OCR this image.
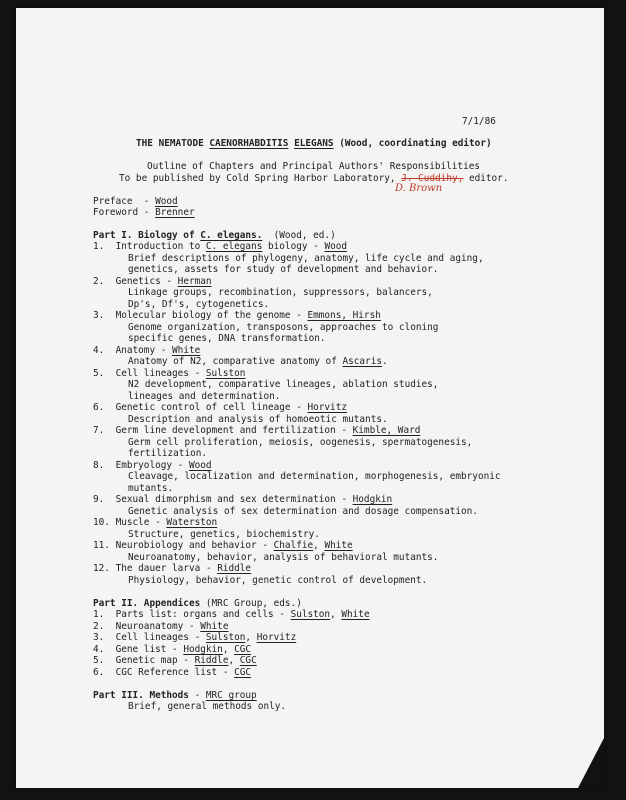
7/1/86
THE NEMATODE CAENORHABDITIS ELEGANS (Wood, coordinating editor)
Outline of Chapters and Principal Authors' Responsibilities
To be published by Cold Spring Harbor Laboratory, J. Cuddihy, editor.
D. Brown
Preface  - Wood
Foreword - Brenner
Part I. Biology of C. elegans.  (Wood, ed.)
1.  Introduction to C. elegans biology - Wood
Brief descriptions of phylogeny, anatomy, life cycle and aging,
genetics, assets for study of development and behavior.
2.  Genetics - Herman
Linkage groups, recombination, suppressors, balancers,
Dp's, Df's, cytogenetics.
3.  Molecular biology of the genome - Emmons, Hirsh
Genome organization, transposons, approaches to cloning
specific genes, DNA transformation.
4.  Anatomy - White
Anatomy of N2, comparative anatomy of Ascaris.
5.  Cell lineages - Sulston
N2 development, comparative lineages, ablation studies,
lineages and determination.
6.  Genetic control of cell lineage - Horvitz
Description and analysis of homoeotic mutants.
7.  Germ line development and fertilization - Kimble, Ward
Germ cell proliferation, meiosis, oogenesis, spermatogenesis,
fertilization.
8.  Embryology - Wood
Cleavage, localization and determination, morphogenesis, embryonic
mutants.
9.  Sexual dimorphism and sex determination - Hodgkin
Genetic analysis of sex determination and dosage compensation.
10. Muscle - Waterston
Structure, genetics, biochemistry.
11. Neurobiology and behavior - Chalfie, White
Neuroanatomy, behavior, analysis of behavioral mutants.
12. The dauer larva - Riddle
Physiology, behavior, genetic control of development.
Part II. Appendices (MRC Group, eds.)
1.  Parts list: organs and cells - Sulston, White
2.  Neuroanatomy - White
3.  Cell lineages - Sulston, Horvitz
4.  Gene list - Hodgkin, CGC
5.  Genetic map - Riddle, CGC
6.  CGC Reference list - CGC
Part III. Methods - MRC group
Brief, general methods only.
